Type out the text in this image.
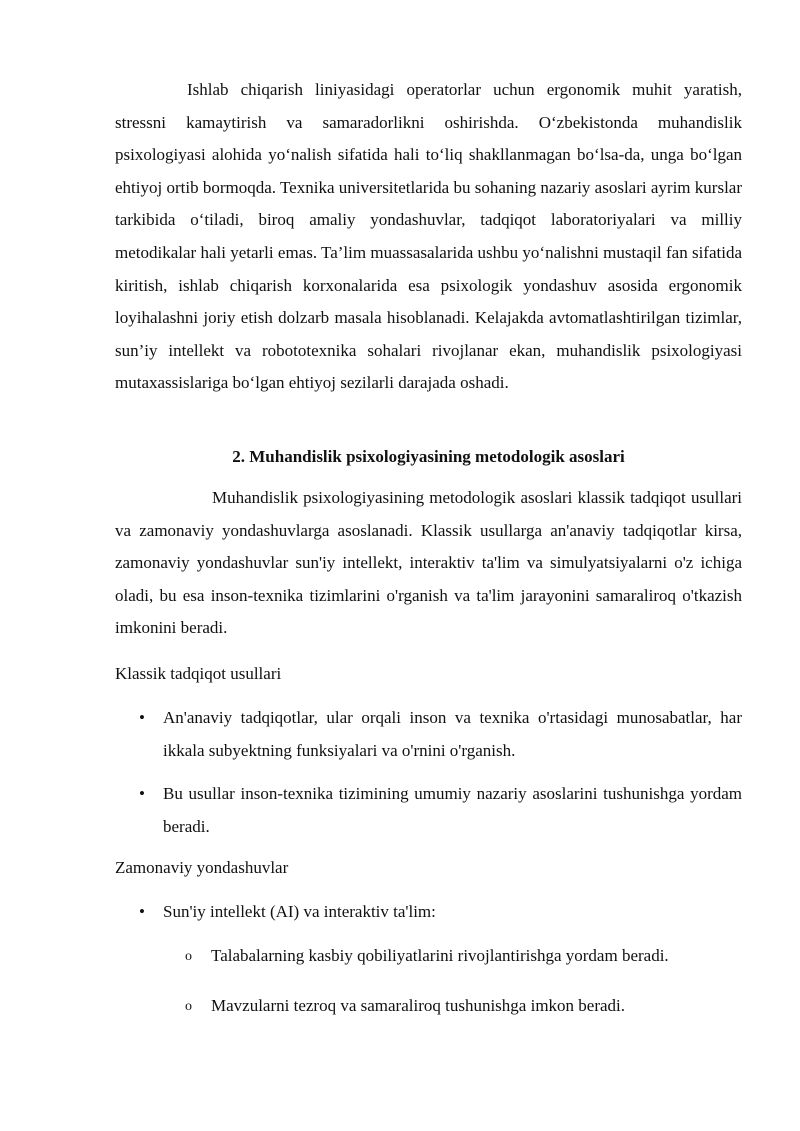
Ishlab chiqarish liniyasidagi operatorlar uchun ergonomik muhit yaratish, stressni kamaytirish va samaradorlikni oshirishda. O‘zbekistonda muhandislik psixologiyasi alohida yo‘nalish sifatida hali to‘liq shakllanmagan bo‘lsa-da, unga bo‘lgan ehtiyoj ortib bormoqda. Texnika universitetlarida bu sohaning nazariy asoslari ayrim kurslar tarkibida o‘tiladi, biroq amaliy yondashuvlar, tadqiqot laboratoriyalari va milliy metodikalar hali yetarli emas. Ta’lim muassasalarida ushbu yo‘nalishni mustaqil fan sifatida kiritish, ishlab chiqarish korxonalarida esa psixologik yondashuv asosida ergonomik loyihalashni joriy etish dolzarb masala hisoblanadi. Kelajakda avtomatlashtirilgan tizimlar, sun’iy intellekt va robototexnika sohalari rivojlanar ekan, muhandislik psixologiyasi mutaxassislariga bo‘lgan ehtiyoj sezilarli darajada oshadi.
2. Muhandislik psixologiyasining metodologik asoslari
Muhandislik psixologiyasining metodologik asoslari klassik tadqiqot usullari va zamonaviy yondashuvlarga asoslanadi. Klassik usullarga an'anaviy tadqiqotlar kirsa, zamonaviy yondashuvlar sun'iy intellekt, interaktiv ta'lim va simulyatsiyalarni o'z ichiga oladi, bu esa inson-texnika tizimlarini o'rganish va ta'lim jarayonini samaraliroq o'tkazish imkonini beradi.
Klassik tadqiqot usullari
• An'anaviy tadqiqotlar, ular orqali inson va texnika o'rtasidagi munosabatlar, har ikkala subyektning funksiyalari va o'rnini o'rganish.
• Bu usullar inson-texnika tizimining umumiy nazariy asoslarini tushunishga yordam beradi.
Zamonaviy yondashuvlar
• Sun'iy intellekt (AI) va interaktiv ta'lim:
o Talabalarning kasbiy qobiliyatlarini rivojlantirishga yordam beradi.
o Mavzularni tezroq va samaraliroq tushunishga imkon beradi.
